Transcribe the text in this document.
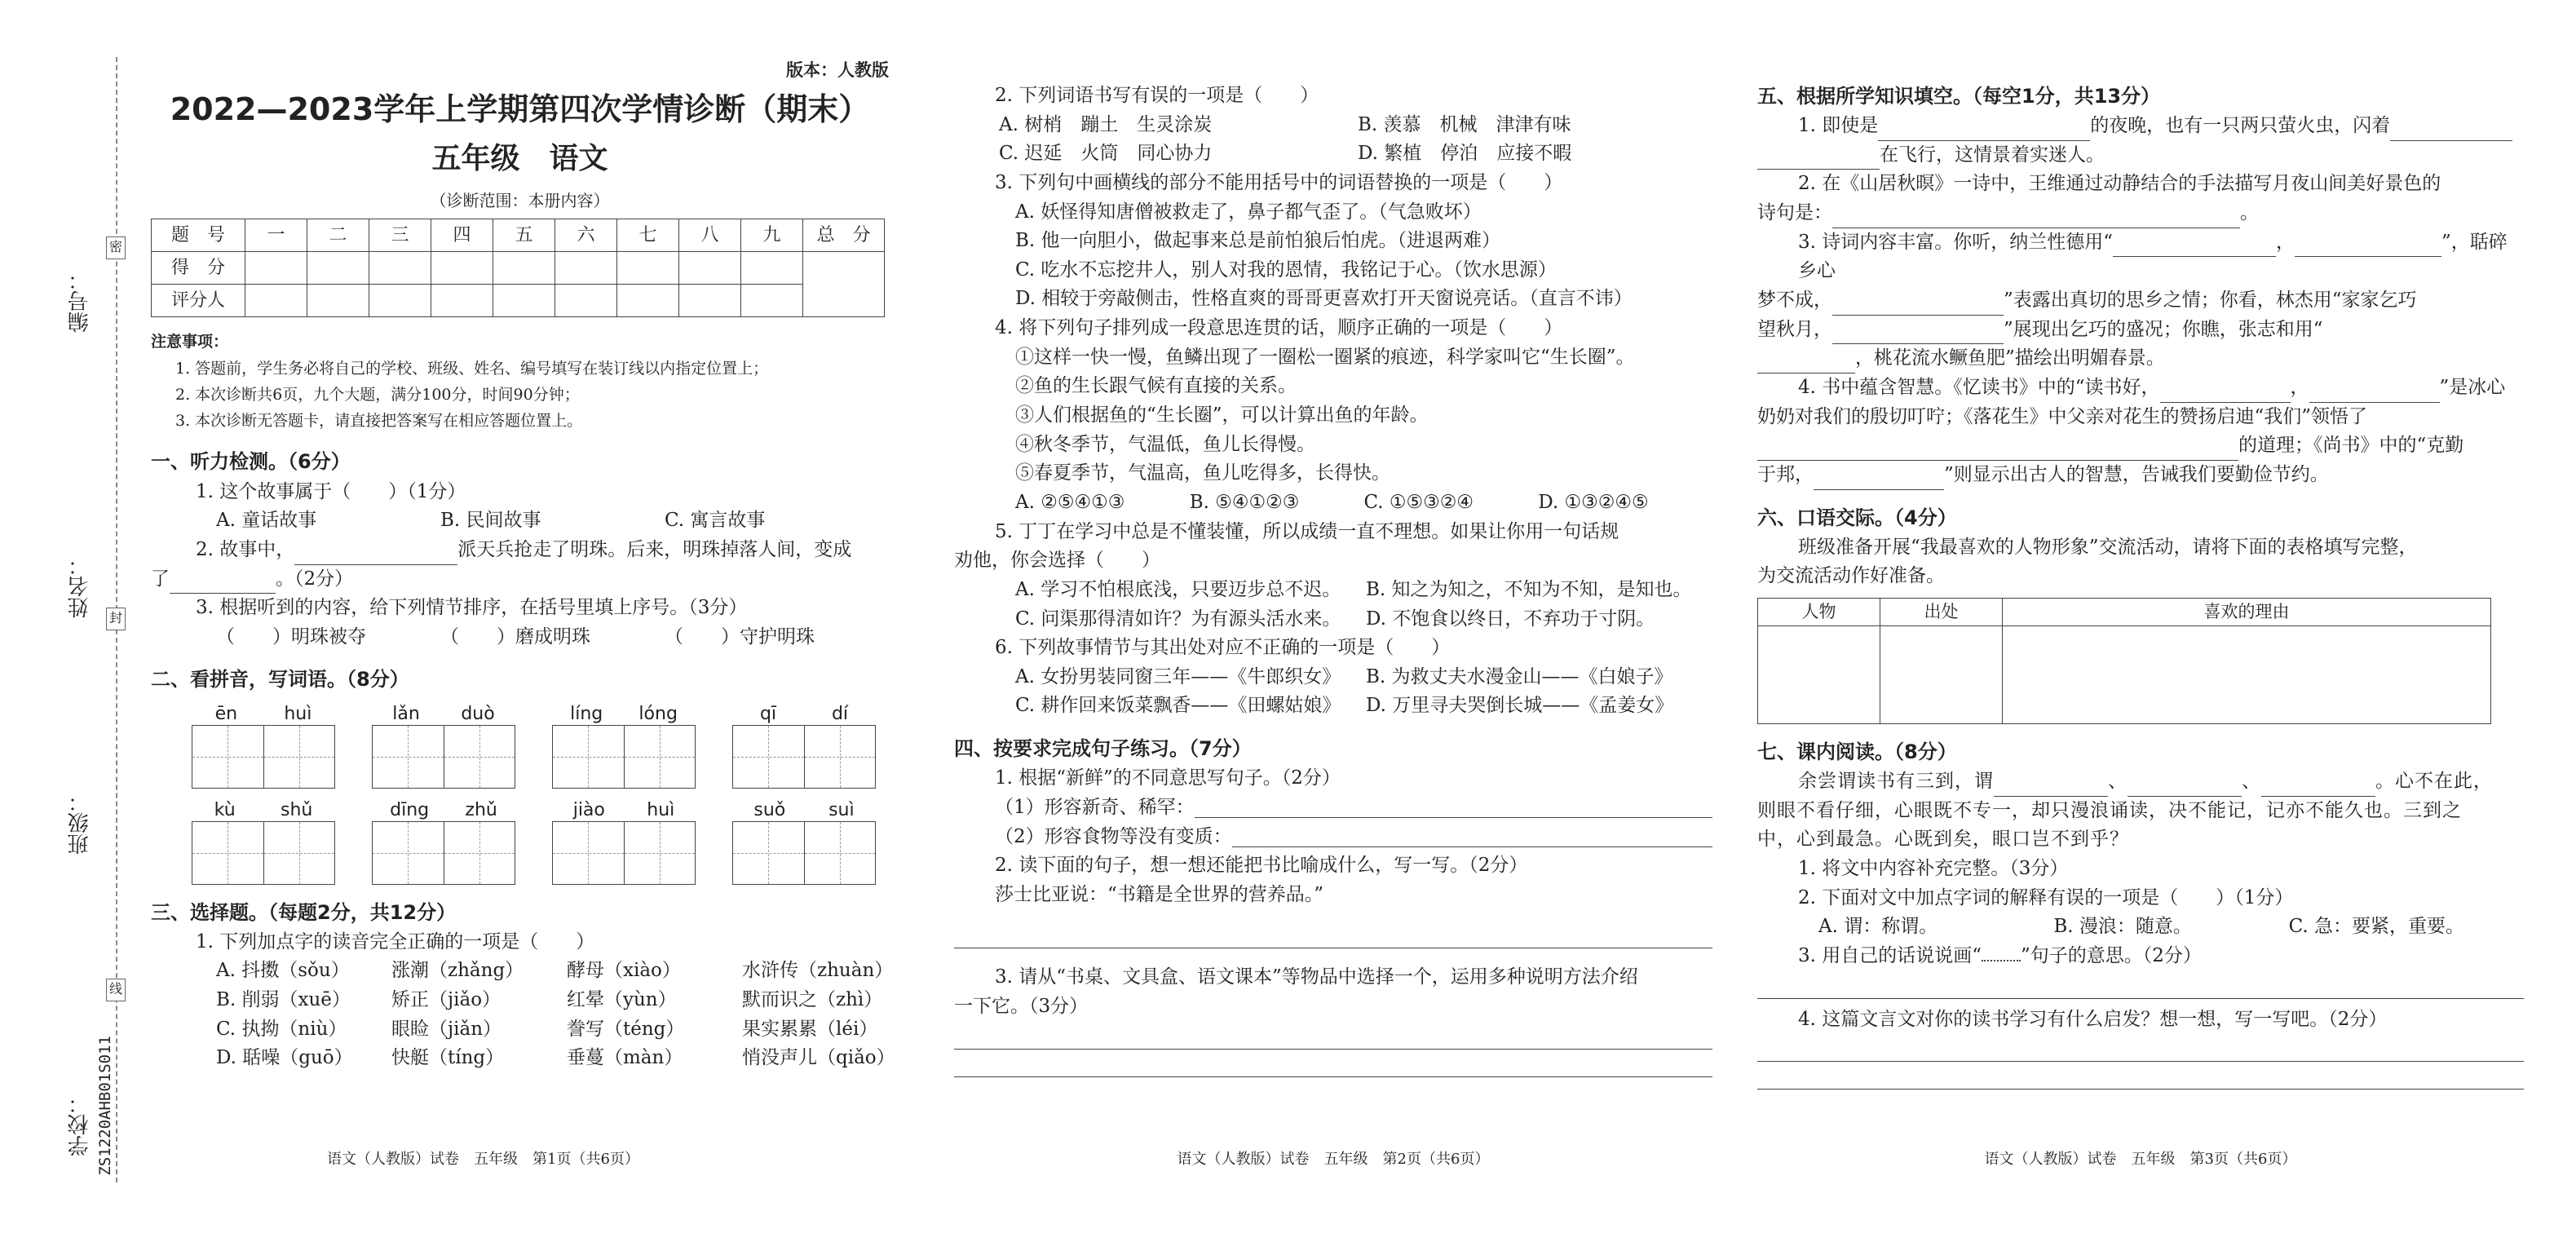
编号：
姓名：
班级：
学校：
密
封
线
ZS1220AHB01S011
版本：人教版
2022—2023学年上学期第四次学情诊断（期末）
五年级　语文
（诊断范围：本册内容）
题　号	一	二	三	四	五	六	七	八	九	总　分
得　分										
评分人										
注意事项：
1. 答题前，学生务必将自己的学校、班级、姓名、编号填写在装订线以内指定位置上；
2. 本次诊断共6页，九个大题，满分100分，时间90分钟；
3. 本次诊断无答题卡，请直接把答案写在相应答题位置上。
一、听力检测。（6分）
1. 这个故事属于（　　）（1分）
A. 童话故事	B. 民间故事	C. 寓言故事
2. 故事中，	派天兵抢走了明珠。后来，明珠掉落人间，变成
了	。（2分）
3. 根据听到的内容，给下列情节排序，在括号里填上序号。（3分）
（　　）明珠被夺	（　　）磨成明珠	（　　）守护明珠
二、看拼音，写词语。（8分）
ēn	huì	lǎn duò	líng lóng	qī	dí
kù	shǔ	dīng zhǔ	jiào huì	suǒ suì
三、选择题。（每题2分，共12分）
1. 下列加点字的读音完全正确的一项是（　　）
A. 抖擞（sǒu）	涨潮（zhǎng）	酵母（xiào）	水浒传（zhuàn）
B. 削弱（xuē）	矫正（jiǎo）	红晕（yùn）	默而识之（zhì）
C. 执拗（niù）	眼睑（jiǎn）	誊写（téng）	果实累累（léi）
D. 聒噪（guō）	快艇（tíng）	垂蔓（màn）	悄没声儿（qiǎo）
语文（人教版）试卷　五年级　第1页（共6页）
2. 下列词语书写有误的一项是（　　）
A. 树梢　蹦土　生灵涂炭	B. 羡慕　机械　津津有味
C. 迟延　火筒　同心协力	D. 繁植　停泊　应接不暇
3. 下列句中画横线的部分不能用括号中的词语替换的一项是（　　）
A. 妖怪得知唐僧被救走了，鼻子都气歪了。（气急败坏）
B. 他一向胆小，做起事来总是前怕狼后怕虎。（进退两难）
C. 吃水不忘挖井人，别人对我的恩情，我铭记于心。（饮水思源）
D. 相较于旁敲侧击，性格直爽的哥哥更喜欢打开天窗说亮话。（直言不讳）
4. 将下列句子排列成一段意思连贯的话，顺序正确的一项是（　　）
①这样一快一慢，鱼鳞出现了一圈松一圈紧的痕迹，科学家叫它“生长圈”。
②鱼的生长跟气候有直接的关系。
③人们根据鱼的“生长圈”，可以计算出鱼的年龄。
④秋冬季节，气温低，鱼儿长得慢。
⑤春夏季节，气温高，鱼儿吃得多，长得快。
A. ②⑤④①③	B. ⑤④①②③	C. ①⑤③②④	D. ①③②④⑤
5. 丁丁在学习中总是不懂装懂，所以成绩一直不理想。如果让你用一句话规
劝他，你会选择（　　）
A. 学习不怕根底浅，只要迈步总不迟。	B. 知之为知之，不知为不知，是知也。
C. 问渠那得清如许？为有源头活水来。	D. 不饱食以终日，不弃功于寸阴。
6. 下列故事情节与其出处对应不正确的一项是（　　）
A. 女扮男装同窗三年——《牛郎织女》	B. 为救丈夫水漫金山——《白娘子》
C. 耕作回来饭菜飘香——《田螺姑娘》	D. 万里寻夫哭倒长城——《孟姜女》
四、按要求完成句子练习。（7分）
1. 根据“新鲜”的不同意思写句子。（2分）
（1）形容新奇、稀罕：
（2）形容食物等没有变质：
2. 读下面的句子，想一想还能把书比喻成什么，写一写。（2分）
莎士比亚说：“书籍是全世界的营养品。”
3. 请从“书桌、文具盒、语文课本”等物品中选择一个，运用多种说明方法介绍
一下它。（3分）
语文（人教版）试卷　五年级　第2页（共6页）
五、根据所学知识填空。（每空1分，共13分）
1. 即使是	的夜晚，也有一只两只萤火虫，闪着
在飞行，这情景着实迷人。
2. 在《山居秋暝》一诗中，王维通过动静结合的手法描写月夜山间美好景色的
诗句是：	。
3. 诗词内容丰富。你听，纳兰性德用“	，	”，聒碎乡心
梦不成，	”表露出真切的思乡之情；你看，林杰用“家家乞巧
望秋月，	”展现出乞巧的盛况；你瞧，张志和用“
，桃花流水鳜鱼肥”描绘出明媚春景。
4. 书中蕴含智慧。《忆读书》中的“读书好，	，	”是冰心
奶奶对我们的殷切叮咛；《落花生》中父亲对花生的赞扬启迪“我们”领悟了
的道理；《尚书》中的“克勤
于邦，	”则显示出古人的智慧，告诫我们要勤俭节约。
六、口语交际。（4分）
班级准备开展“我最喜欢的人物形象”交流活动，请将下面的表格填写完整，
为交流活动作好准备。
人物	出处	喜欢的理由

七、课内阅读。（8分）
余尝谓读书有三到，谓	、	、	。心不在此，
则眼不看仔细，心眼既不专一，却只漫浪诵读，决不能记，记亦不能久也。三到之
中，心到最急。心既到矣，眼口岂不到乎？
1. 将文中内容补充完整。（3分）
2. 下面对文中加点字词的解释有误的一项是（　　）（1分）
A. 谓：称谓。	B. 漫浪：随意。	C. 急：要紧，重要。
3. 用自己的话说说画“ ”句子的意思。（2分）
4. 这篇文言文对你的读书学习有什么启发？想一想，写一写吧。（2分）
语文（人教版）试卷　五年级　第3页（共6页）
